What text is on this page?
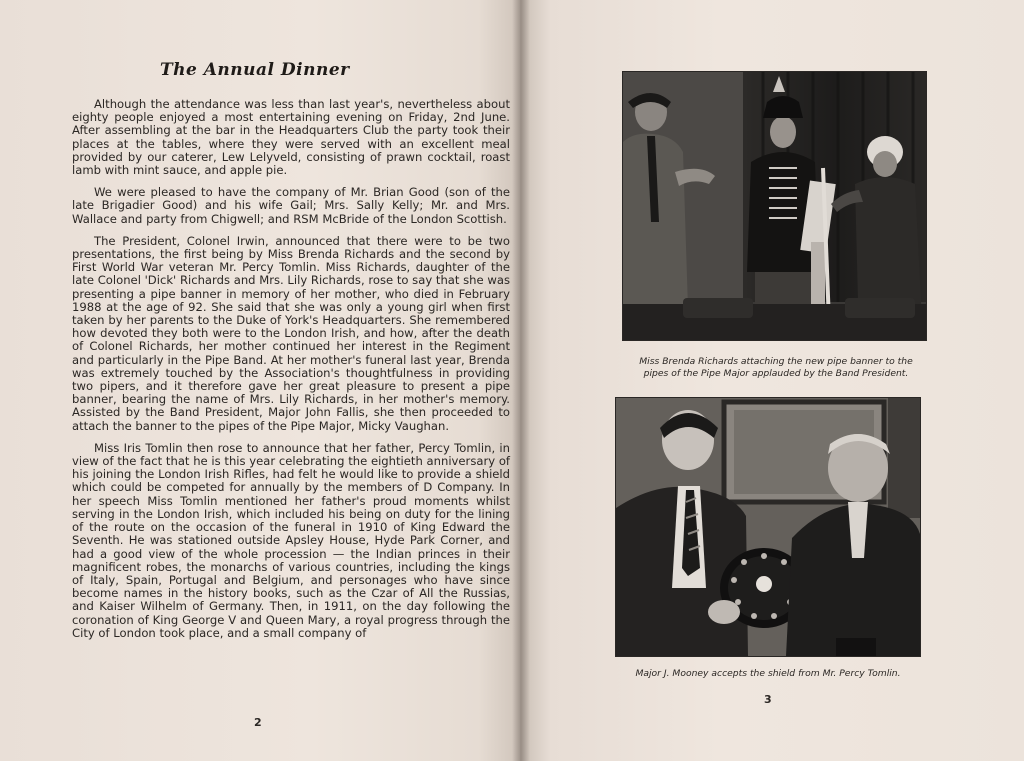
The Annual Dinner

Although the attendance was less than last year's, nevertheless about eighty people enjoyed a most entertaining evening on Friday, 2nd June. After assembling at the bar in the Headquarters Club the party took their places at the tables, where they were served with an excellent meal provided by our caterer, Lew Lelyveld, consisting of prawn cocktail, roast lamb with mint sauce, and apple pie.

We were pleased to have the company of Mr. Brian Good (son of the late Brigadier Good) and his wife Gail; Mrs. Sally Kelly; Mr. and Mrs. Wallace and party from Chigwell; and RSM McBride of the London Scottish.

The President, Colonel Irwin, announced that there were to be two presentations, the first being by Miss Brenda Richards and the second by First World War veteran Mr. Percy Tomlin. Miss Richards, daughter of the late Colonel 'Dick' Richards and Mrs. Lily Richards, rose to say that she was presenting a pipe banner in memory of her mother, who died in February 1988 at the age of 92. She said that she was only a young girl when first taken by her parents to the Duke of York's Headquarters. She remembered how devoted they both were to the London Irish, and how, after the death of Colonel Richards, her mother continued her interest in the Regiment and particularly in the Pipe Band. At her mother's funeral last year, Brenda was extremely touched by the Association's thoughtfulness in providing two pipers, and it therefore gave her great pleasure to present a pipe banner, bearing the name of Mrs. Lily Richards, in her mother's memory. Assisted by the Band President, Major John Fallis, she then proceeded to attach the banner to the pipes of the Pipe Major, Micky Vaughan.

Miss Iris Tomlin then rose to announce that her father, Percy Tomlin, in view of the fact that he is this year celebrating the eightieth anniversary of his joining the London Irish Rifles, had felt he would like to provide a shield which could be competed for annually by the members of D Company. In her speech Miss Tomlin mentioned her father's proud moments whilst serving in the London Irish, which included his being on duty for the lining of the route on the occasion of the funeral in 1910 of King Edward the Seventh. He was stationed outside Apsley House, Hyde Park Corner, and had a good view of the whole procession — the Indian princes in their magnificent robes, the monarchs of various countries, including the kings of Italy, Spain, Portugal and Belgium, and personages who have since become names in the history books, such as the Czar of All the Russias, and Kaiser Wilhelm of Germany. Then, in 1911, on the day following the coronation of King George V and Queen Mary, a royal progress through the City of London took place, and a small company of

2
Miss Brenda Richards attaching the new pipe banner to the
pipes of the Pipe Major applauded by the Band President.
Major J. Mooney accepts the shield from Mr. Percy Tomlin.
3
